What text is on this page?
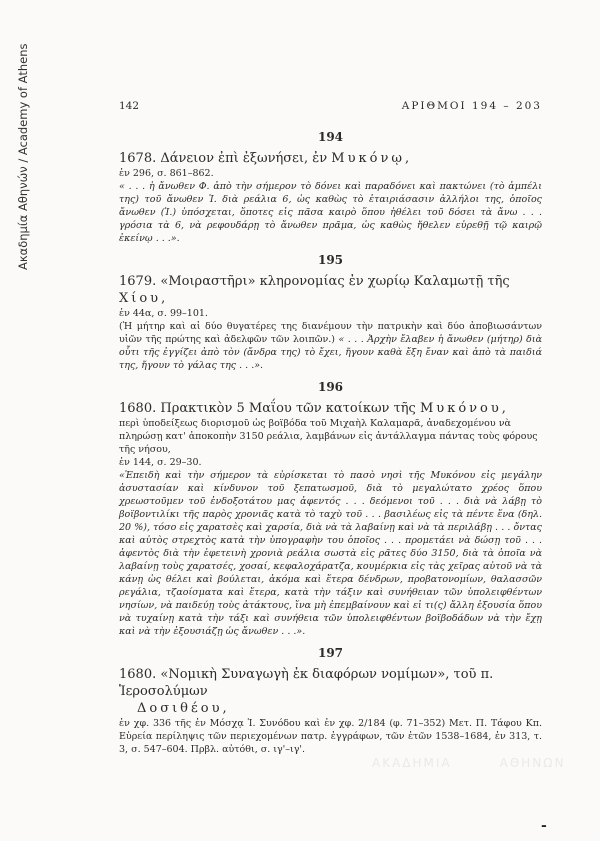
Ακαδημία Αθηνών / Academy of Athens	142	ΑΡΙΘΜΟΙ 194 – 203
194
1678. Δάνειον ἐπὶ ἐξωνήσει, ἐν Μυκόνῳ,
ἐν 296, σ. 861–862.
« . . . ἡ ἄνωθεν Φ. ἀπὸ τὴν σήμερον τὸ δόνει καὶ παραδόνει καὶ πακτώνει (τὸ ἀμπέλι της) τοῦ ἄνωθεν Ἰ. διὰ ρεάλια 6, ὡς καθὼς τὸ ἐταιριάσασιν ἀλλήλοι της, ὁποῖος ἄνωθεν (Ἰ.) ὑπόσχεται, ὅποτες εἰς πᾶσα καιρὸ ὅπου ἠθέλει τοῦ δόσει τὰ ἄνω . . . γρόσια τὰ 6, νὰ ρεφουδάρῃ τὸ ἄνωθεν πρᾶμα, ὡς καθὼς ἤθελεν εὑρεθῇ τῷ καιρῷ ἐκείνῳ . . .».
195
1679. «Μοιραστῆρι» κληρονομίας ἐν χωρίῳ Καλαμωτῇ τῆς Χίου,
ἐν 44α, σ. 99–101.
(Ἡ μήτηρ καὶ αἱ δύο θυγατέρες της διανέμουν τὴν πατρικὴν καὶ δύο ἀποβιωσάντων υἱῶν τῆς πρώτης καὶ ἀδελφῶν τῶν λοιπῶν.) « . . . Ἀρχὴν ἔλαβεν ἡ ἄνωθεν (μήτηρ) διὰ οὗτι τῆς ἐγγίζει ἀπὸ τὸν (ἄνδρα της) τὸ ἔχει, ἤγουν καθὰ ἔξη ἔναν καὶ ἀπὸ τὰ παιδιά της, ἤγουν τὸ γάλας της . . .».
196
1680. Πρακτικὸν 5 Μαΐου τῶν κατοίκων τῆς Μυκόνου,
περὶ ὑποδείξεως διορισμοῦ ὡς βοϊβόδα τοῦ Μιχαὴλ Καλαμαρᾶ, ἀναδεχομένου νὰ πληρώσῃ κατ' ἀποκοπὴν 3150 ρεάλια, λαμβάνων εἰς ἀντάλλαγμα πάντας τοὺς φόρους τῆς νήσου,
ἐν 144, σ. 29–30.
«Ἐπειδὴ καὶ τὴν σήμερον τὰ εὑρίσκεται τὸ πασὸ νησὶ τῆς Μυκόνου εἰς μεγάλην ἀσυστασίαν καὶ κίνδυνον τοῦ ξεπατωσμοῦ, διὰ τὸ μεγαλώτατο χρέος ὅπου χρεωστοῦμεν τοῦ ἐνδοξοτάτου μας ἀφεντός . . . δεόμενοι τοῦ . . . διὰ νὰ λάβῃ τὸ βοϊβοντιλίκι τῆς παρὸς χρονιᾶς κατὰ τὸ ταχὺ τοῦ . . . βασιλέως εἰς τὰ πέντε ἕνα (δηλ. 20 %), τόσο εἰς χαρατσὲς καὶ χαρσία, διὰ νὰ τὰ λαβαίνῃ καὶ νὰ τὰ περιλάβῃ . . . ὄντας καὶ αὐτὸς στρεχτὸς κατὰ τὴν ὑπογραφὴν του ὁποῖος . . . προμετάει νὰ δώσῃ τοῦ . . . ἀφεντὸς διὰ τὴν ἐφετεινὴ χρονιὰ ρεάλια σωστὰ εἰς ρᾶτες δύο 3150, διὰ τὰ ὁποῖα νὰ λαβαίνῃ τοὺς χαρατσές, χοσαί, κεφαλοχάρατζα, κουμέρκια εἰς τὰς χεῖρας αὐτοῦ νὰ τὰ κάνῃ ὡς θέλει καὶ βούλεται, ἀκόμα καὶ ἕτερα δένδρων, προβατονομίων, θαλασσῶν ρεγάλια, τζαοίσματα καὶ ἕτερα, κατὰ τὴν τάξιν καὶ συνήθειαν τῶν ὑπολειφθέντων νησίων, νὰ παιδεύῃ τοὺς ἀτάκτους, ἵνα μὴ ἐπεμβαίνουν καὶ εἰ τι(ς) ἄλλη ἐξουσία ὅπου νὰ τυχαίνῃ κατὰ τὴν τάξι καὶ συνήθεια τῶν ὑπολειφθέντων βοϊβοδάδων νὰ τὴν ἔχῃ καὶ νὰ τὴν ἐξουσιάζῃ ὡς ἄνωθεν . . .».
197
1680. «Νομικὴ Συναγωγὴ ἐκ διαφόρων νομίμων», τοῦ π. Ἱεροσολύμων
Δοσιθέου,
ἐν χφ. 336 τῆς ἐν Μόσχᾳ Ἱ. Συνόδου καὶ ἐν χφ. 2/184 (φ. 71–352) Μετ. Π. Τάφου Κπ. Εὑρεία περίληψις τῶν περιεχομένων πατρ. ἐγγράφων, τῶν ἐτῶν 1538–1684, ἐν 313, τ. 3, σ. 547–604. Πρβλ. αὐτόθι, σ. ιγ'–ιγ'.
ΑΚΑΔΗΜΙΑ	ΑΘΗΝΩΝ
-
